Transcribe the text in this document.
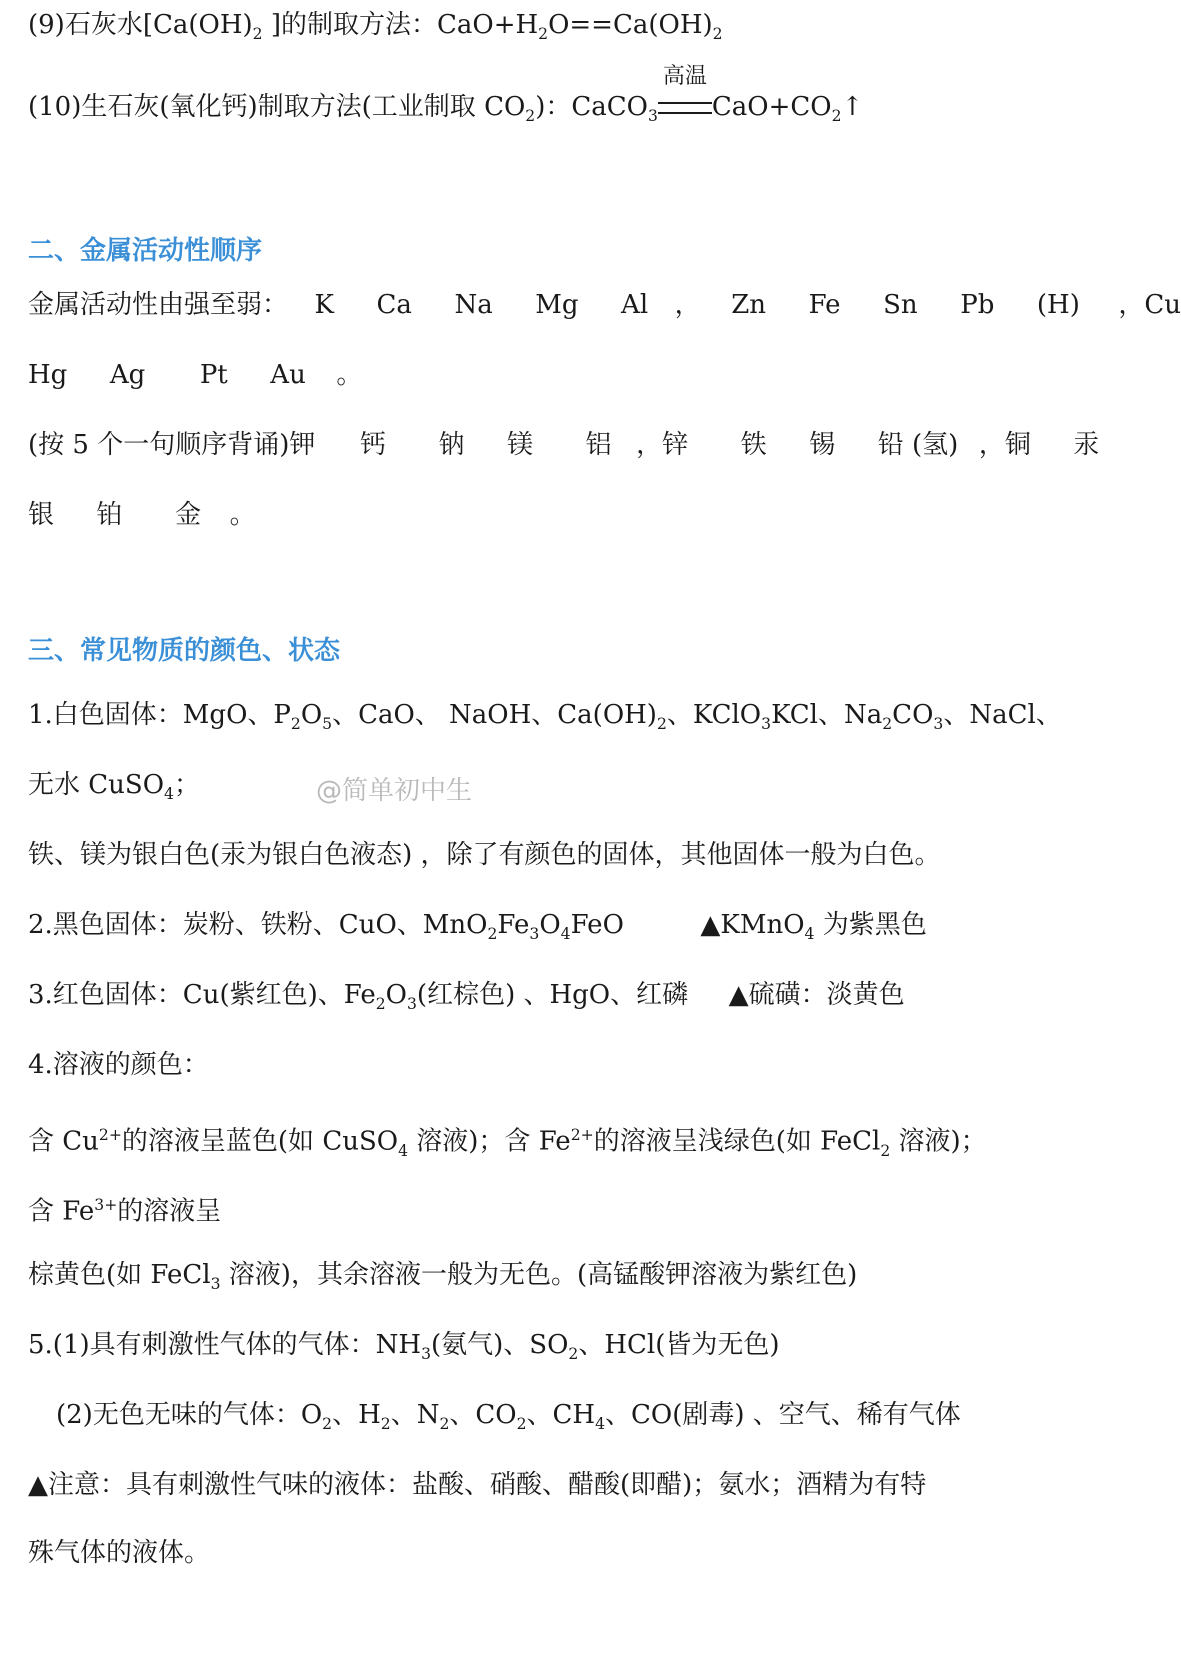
(9)石灰水[$Ca(OH)_2$ ]的制取方法：$CaO+H_2O==Ca(OH)_2$
(10)生石灰(氧化钙)制取方法(工业制取 $CO_2$)：CaCO$_3$
高温
$CaO+CO_2↑$
二、金属活动性顺序
金属活动性由强至弱： K Ca Na Mg Al ， Zn Fe Sn Pb (H) ，Cu
Hg Ag Pt Au 。
(按 5 个一句顺序背诵)钾 钙 钠 镁 铝 ，锌 铁 锡 铅 (氢) ，铜 汞
银 铂 金 。
三、常见物质的颜色、状态
1.白色固体：MgO、$P_2O_5$、CaO、 NaOH、$Ca(OH)_2$、KClO$_3$KCl、$Na_2CO_3$、NaCl、
无水 CuSO$_4$；	@简单初中生
铁、镁为银白色(汞为银白色液态) ，除了有颜色的固体，其他固体一般为白色。
2.黑色固体：炭粉、铁粉、CuO、$MnO_2Fe_3O_4FeO$	▲KMnO$_4$ 为紫黑色
3.红色固体：Cu(紫红色)、$Fe_2O_3$(红棕色) 、HgO、红磷 ▲硫磺：淡黄色
4.溶液的颜色：
含 $Cu^{2+}$的溶液呈蓝色(如 CuSO$_4$ 溶液)；含 $Fe^{2+}$的溶液呈浅绿色(如 FeCl$_2$ 溶液)；
含 $Fe^{3+}$的溶液呈
棕黄色(如 FeCl$_3$ 溶液)，其余溶液一般为无色。(高锰酸钾溶液为紫红色)
5.(1)具有刺激性气体的气体：$NH_3$(氨气)、$SO_2$、HCl(皆为无色)
(2)无色无味的气体：$O_2$、$H_2$、$N_2$、$CO_2$、$CH_4$、CO(剧毒) 、空气、稀有气体
▲注意：具有刺激性气味的液体：盐酸、硝酸、醋酸(即醋)；氨水；酒精为有特
殊气体的液体。
